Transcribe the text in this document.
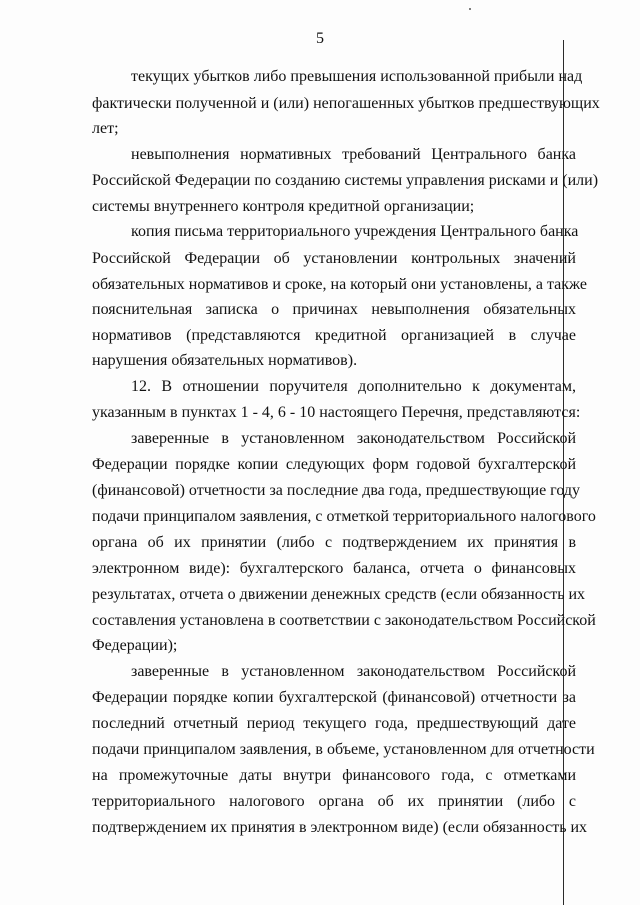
5
текущих убытков либо превышения использованной прибыли над
фактически полученной и (или) непогашенных убытков предшествующих
лет;
невыполнения нормативных требований Центрального банка
Российской Федерации по созданию системы управления рисками и (или)
системы внутреннего контроля кредитной организации;
копия письма территориального учреждения Центрального банка
Российской Федерации об установлении контрольных значений
обязательных нормативов и сроке, на который они установлены, а также
пояснительная записка о причинах невыполнения обязательных
нормативов (представляются кредитной организацией в случае
нарушения обязательных нормативов).
12. В отношении поручителя дополнительно к документам,
указанным в пунктах 1 - 4, 6 - 10 настоящего Перечня, представляются:
заверенные в установленном законодательством Российской
Федерации порядке копии следующих форм годовой бухгалтерской
(финансовой) отчетности за последние два года, предшествующие году
подачи принципалом заявления, с отметкой территориального налогового
органа об их принятии (либо с подтверждением их принятия в
электронном виде): бухгалтерского баланса, отчета о финансовых
результатах, отчета о движении денежных средств (если обязанность их
составления установлена в соответствии с законодательством Российской
Федерации);
заверенные в установленном законодательством Российской
Федерации порядке копии бухгалтерской (финансовой) отчетности за
последний отчетный период текущего года, предшествующий дате
подачи принципалом заявления, в объеме, установленном для отчетности
на промежуточные даты внутри финансового года, с отметками
территориального налогового органа об их принятии (либо с
подтверждением их принятия в электронном виде) (если обязанность их
